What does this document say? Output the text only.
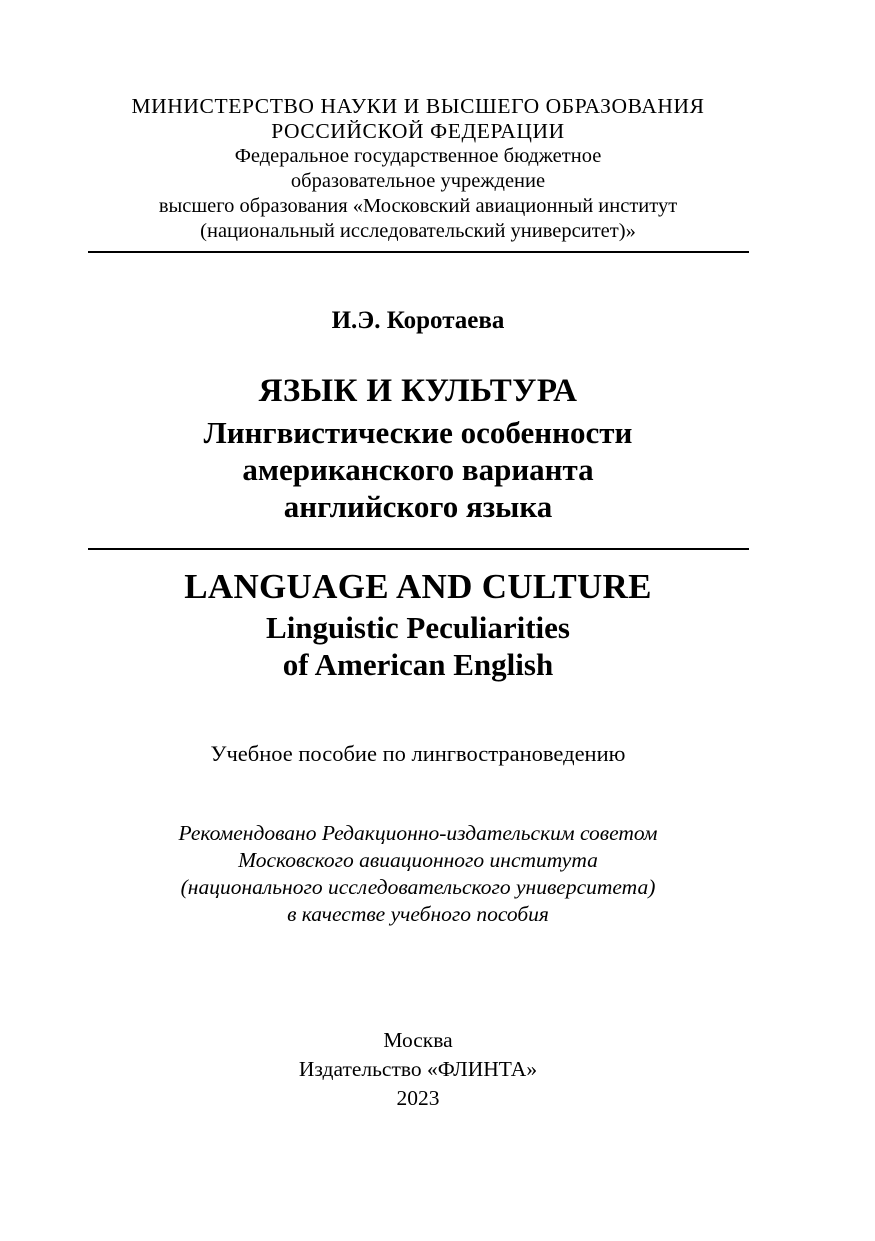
МИНИСТЕРСТВО НАУКИ И ВЫСШЕГО ОБРАЗОВАНИЯ
РОССИЙСКОЙ ФЕДЕРАЦИИ
Федеральное государственное бюджетное
образовательное учреждение
высшего образования «Московский авиационный институт
(национальный исследовательский университет)»
И.Э. Коротаева
ЯЗЫК И КУЛЬТУРА
Лингвистические особенности
американского варианта
английского языка
LANGUAGE AND CULTURE
Linguistic Peculiarities
of American English
Учебное пособие по лингвострановедению
Рекомендовано Редакционно-издательским советом
Московского авиационного института
(национального исследовательского университета)
в качестве учебного пособия
Москва
Издательство «ФЛИНТА»
2023
